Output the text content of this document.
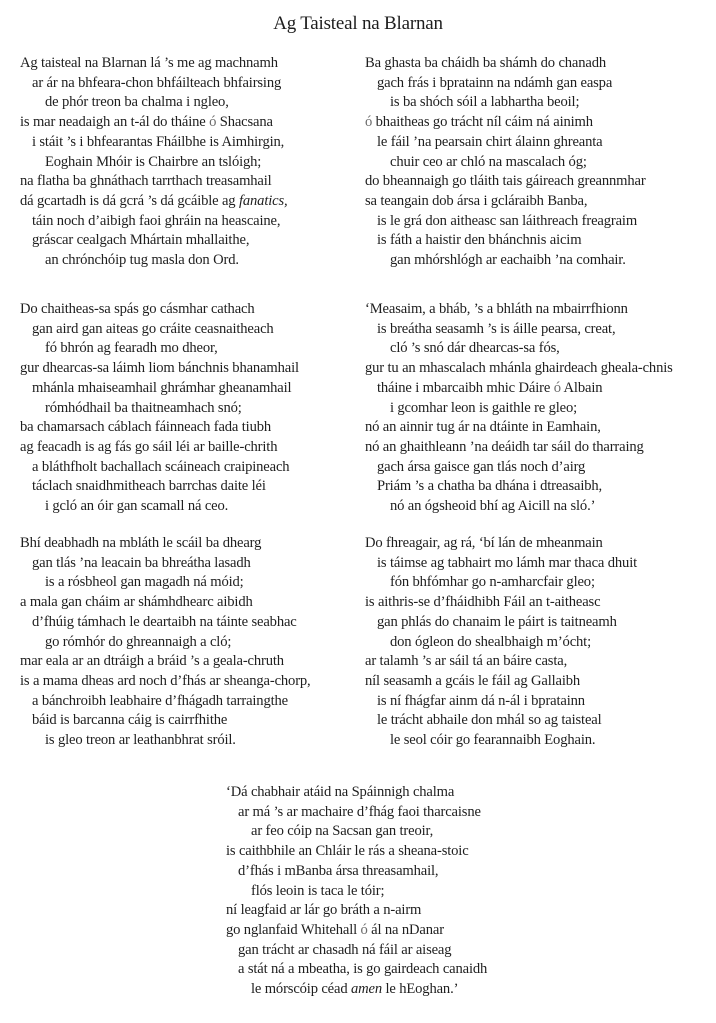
Ag Taisteal na Blarnan
Ag taisteal na Blarnan lá ’s me ag machnamh
ar ár na bhfeara-chon bhfáilteach bhfairsing
de phór treon ba chalma i ngleo,
is mar neadaigh an t-ál do tháine ó Shacsana
i stáit ’s i bhfearantas Fháilbhe is Aimhirgin,
Eoghain Mhóir is Chairbre an tslóigh;
na flatha ba ghnáthach tarrthach treasamhail
dá gcartadh is dá gcrá ’s dá gcáible ag fanatics,
táin noch d’aibigh faoi ghráin na heascaine,
gráscar cealgach Mhártain mhallaithe,
an chrónchóip tug masla don Ord.
Do chaitheas-sa spás go cásmhar cathach
gan aird gan aiteas go cráite ceasnaitheach
fó bhrón ag fearadh mo dheor,
gur dhearcas-sa láimh liom bánchnis bhanamhail
mhánla mhaiseamhail ghrámhar gheanamhail
rómhódhail ba thaitneamhach snó;
ba chamarsach cáblach fáinneach fada tiubh
ag feacadh is ag fás go sáil léi ar baille-chrith
a bláthfholt bachallach scáineach craipineach
táclach snaidhmitheach barrchas daite léi
i gcló an óir gan scamall ná ceo.
Bhí deabhadh na mbláth le scáil ba dhearg
gan tlás ’na leacain ba bhreátha lasadh
is a rósbheol gan magadh ná móid;
a mala gan cháim ar shámhdhearc aibidh
d’fhúig támhach le deartaibh na táinte seabhac
go rómhór do ghreannaigh a cló;
mar eala ar an dtráigh a bráid ’s a geala-chruth
is a mama dheas ard noch d’fhás ar sheanga-chorp,
a bánchroibh leabhaire d’fhágadh tarraingthe
báid is barcanna cáig is cairrfhithe
is gleo treon ar leathanbhrat sróil.
Ba ghasta ba cháidh ba shámh do chanadh
gach frás i bpratainn na ndámh gan easpa
is ba shóch sóil a labhartha beoil;
ó bhaitheas go trácht níl cáim ná ainimh
le fáil ’na pearsain chirt álainn ghreanta
chuir ceo ar chló na mascalach óg;
do bheannaigh go tláith tais gáireach greannmhar
sa teangain dob ársa i gcláraibh Banba,
is le grá don aitheasc san láithreach freagraim
is fáth a haistir den bhánchnis aicim
gan mhórshlógh ar eachaibh ’na comhair.
‘Measaim, a bháb, ’s a bhláth na mbairrfhionn
is breátha seasamh ’s is áille pearsa, creat,
cló ’s snó dár dhearcas-sa fós,
gur tu an mhascalach mhánla ghairdeach gheala-chnis
tháine i mbarcaibh mhic Dáire ó Albain
i gcomhar leon is gaithle re gleo;
nó an ainnir tug ár na dtáinte in Eamhain,
nó an ghaithleann ’na deáidh tar sáil do tharraing
gach ársa gaisce gan tlás noch d’airg
Priám ’s a chatha ba dhána i dtreasaibh,
nó an ógsheoid bhí ag Aicill na sló.’
Do fhreagair, ag rá, ‘bí lán de mheanmain
is táimse ag tabhairt mo lámh mar thaca dhuit
fón bhfómhar go n-amharcfair gleo;
is aithris-se d’fháidhibh Fáil an t-aitheasc
gan phlás do chanaim le páirt is taitneamh
don ógleon do shealbhaigh m’ócht;
ar talamh ’s ar sáil tá an báire casta,
níl seasamh a gcáis le fáil ag Gallaibh
is ní fhágfar ainm dá n-ál i bpratainn
le trácht abhaile don mhál so ag taisteal
le seol cóir go fearannaibh Eoghain.
‘Dá chabhair atáid na Spáinnigh chalma
ar má ’s ar machaire d’fhág faoi tharcaisne
ar feo cóip na Sacsan gan treoir,
is caithbhile an Chláir le rás a sheana-stoic
d’fhás i mBanba ársa threasamhail,
flós leoin is taca le tóir;
ní leagfaid ar lár go bráth a n-airm
go nglanfaid Whitehall ó ál na nDanar
gan trácht ar chasadh ná fáil ar aiseag
a stát ná a mbeatha, is go gairdeach canaidh
le mórscóip céad amen le hEoghan.’
